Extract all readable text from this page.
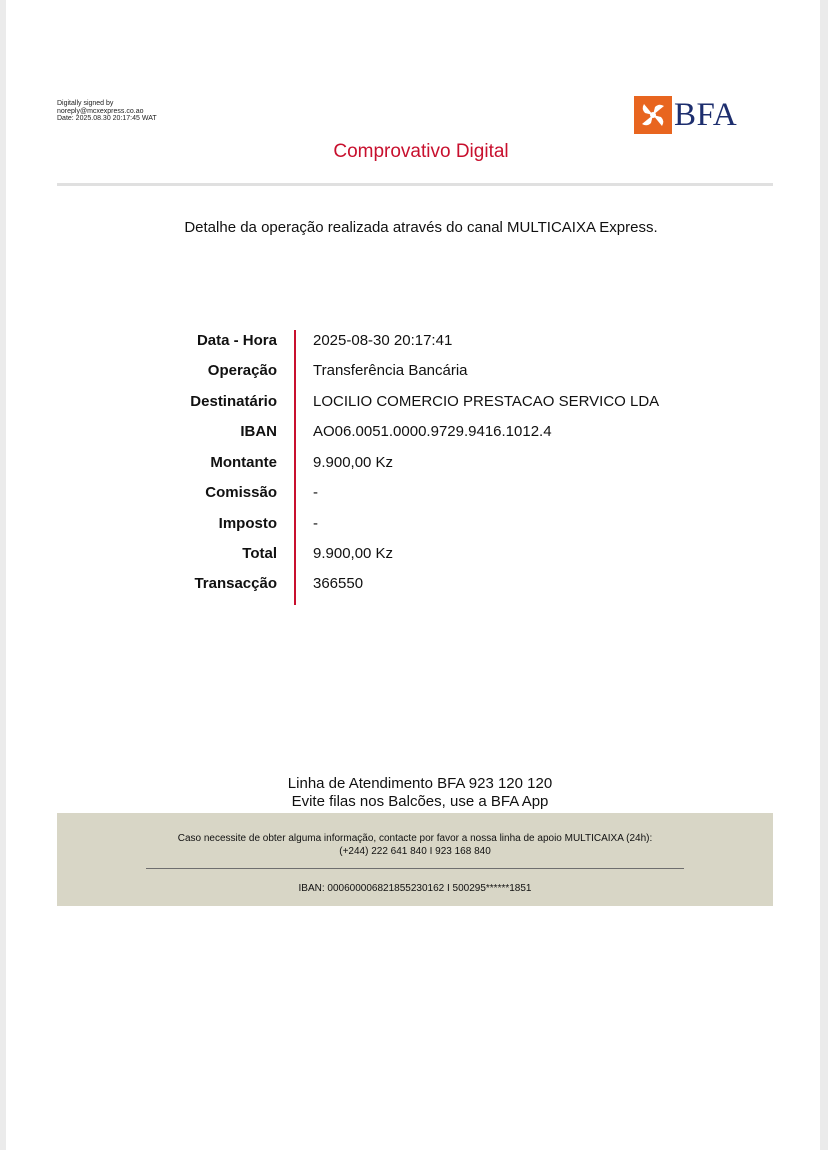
Digitally signed by
noreply@mcxexpress.co.ao
Date: 2025.08.30 20:17:45 WAT	BFA
Comprovativo Digital
Detalhe da operação realizada através do canal MULTICAIXA Express.
Data - Hora 2025-08-30 20:17:41
Operação Transferência Bancária
Destinatário LOCILIO COMERCIO PRESTACAO SERVICO LDA
IBAN AO06.0051.0000.9729.9416.1012.4
Montante 9.900,00 Kz
Comissão -
Imposto -
Total 9.900,00 Kz
Transacção 366550
Linha de Atendimento BFA 923 120 120
Evite filas nos Balcões, use a BFA App
Caso necessite de obter alguma informação, contacte por favor a nossa linha de apoio MULTICAIXA (24h):
(+244) 222 641 840 I 923 168 840
IBAN: 00060000682185523016​2 I 500295******1851
